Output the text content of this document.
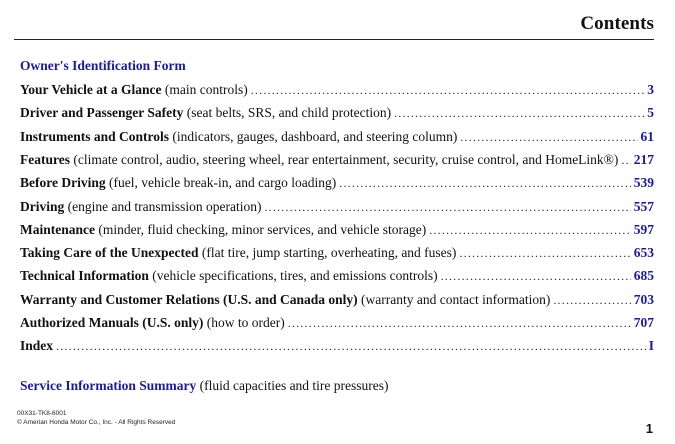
Contents
Owner's Identification Form
Your Vehicle at a Glance (main controls) .....	3
Driver and Passenger Safety (seat belts, SRS, and child protection) .....	5
Instruments and Controls (indicators, gauges, dashboard, and steering column) .....	61
Features (climate control, audio, steering wheel, rear entertainment, security, cruise control, and HomeLink®) ..... 217
Before Driving (fuel, vehicle break-in, and cargo loading) .....	539
Driving (engine and transmission operation) .....	557
Maintenance (minder, fluid checking, minor services, and vehicle storage) .....	597
Taking Care of the Unexpected (flat tire, jump starting, overheating, and fuses) .....	653
Technical Information (vehicle specifications, tires, and emissions controls) .....	685
Warranty and Customer Relations (U.S. and Canada only) (warranty and contact information) .....	703
Authorized Manuals (U.S. only) (how to order) .....	707
Index .....	I
Service Information Summary (fluid capacities and tire pressures)
00X31-TK8-6001
© Amerian Honda Motor Co., Inc. - All Rights Reserved	1
